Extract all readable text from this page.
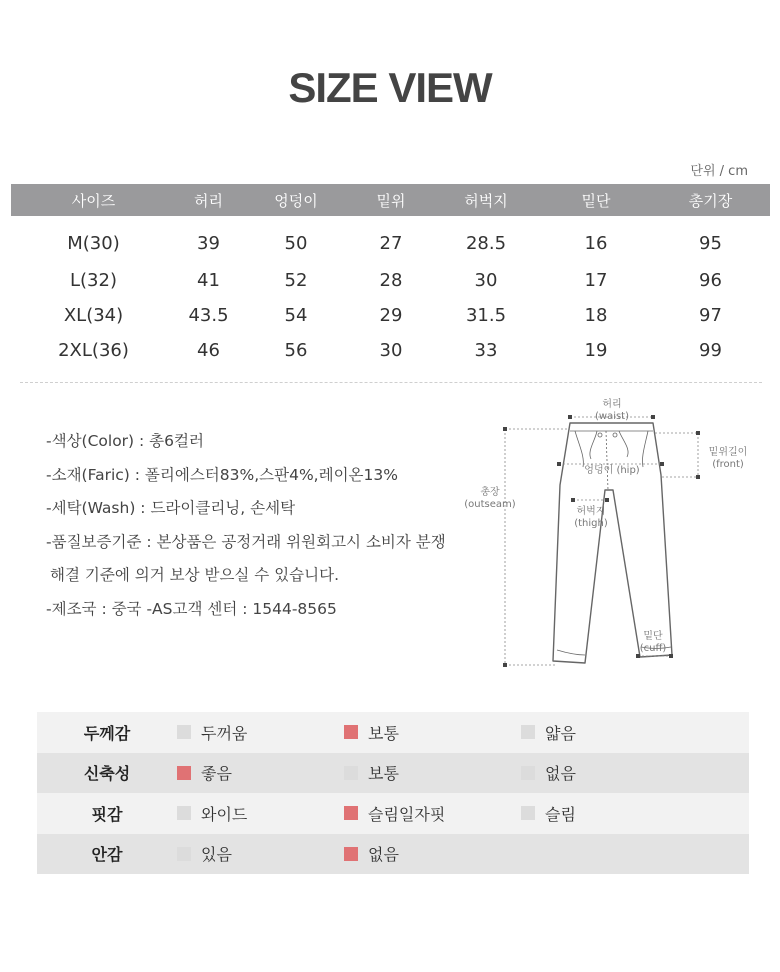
SIZE VIEW
단위 / cm
사이즈	허리	엉덩이	밑위	허벅지	밑단	총기장
M(30)	39	50	27	28.5	16	95
L(32)	41	52	28	30	17	96
XL(34)	43.5	54	29	31.5	18	97
2XL(36)	46	56	30	33	19	99
-색상(Color) : 총6컬러
-소재(Faric) : 폴리에스터83%,스판4%,레이온13%
-세탁(Wash) : 드라이클리닝, 손세탁
-품질보증기준 : 본상품은 공정거래 위원회고시 소비자 분쟁
해결 기준에 의거 보상 받으실 수 있습니다.
-제조국 : 중국 -AS고객 센터 : 1544-8565
허리
(waist)
밑위길이
(front)
엉덩이 (hip)
총장
(outseam)
허벅지
(thigh)
밑단
(cuff)
두께감	두꺼움	보통	얇음

신축성	좋음	보통	없음

핏감	와이드	슬림일자핏	슬림

안감	있음	없음	
